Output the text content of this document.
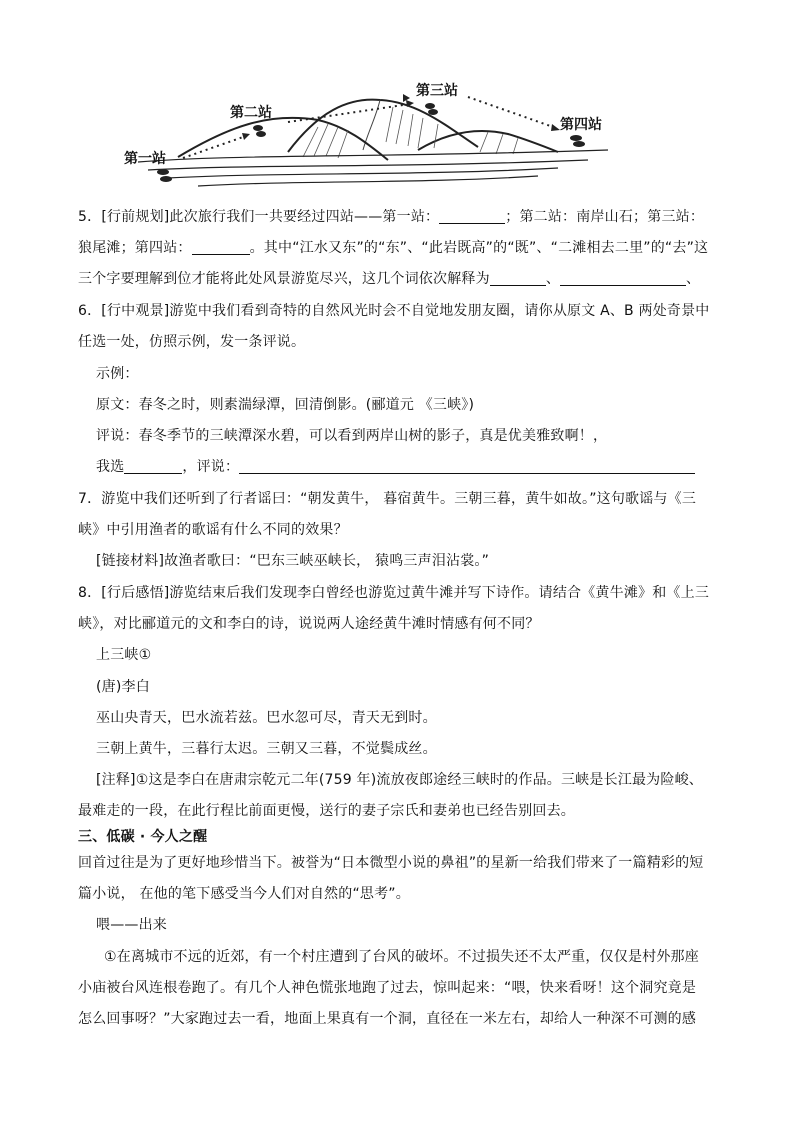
第一站
第二站
第三站
第四站
5．[行前规划]此次旅行我们一共要经过四站——第一站：	；第二站：南岸山石；第三站：
狼尾滩；第四站：	。其中“江水又东”的“东”、“此岩既高”的“既”、“二滩相去二里”的“去”这
三个字要理解到位才能将此处风景游览尽兴，这几个词依次解释为	、	、
6．[行中观景]游览中我们看到奇特的自然风光时会不自觉地发朋友圈，请你从原文 A、B 两处奇景中
任选一处，仿照示例，发一条评说。
示例：
原文：春冬之时，则素湍绿潭，回清倒影。(郦道元 《三峡》)
评说：春冬季节的三峡潭深水碧，可以看到两岸山树的影子，真是优美雅致啊！，
我选	，评说：
7．游览中我们还听到了行者谣曰：“朝发黄牛， 暮宿黄牛。三朝三暮，黄牛如故。”这句歌谣与《三
峡》中引用渔者的歌谣有什么不同的效果？
[链接材料]故渔者歌曰：“巴东三峡巫峡长， 猿鸣三声泪沾裳。”
8．[行后感悟]游览结束后我们发现李白曾经也游览过黄牛滩并写下诗作。请结合《黄牛滩》和《上三
峡》，对比郦道元的文和李白的诗，说说两人途经黄牛滩时情感有何不同？
上三峡①
(唐)李白
巫山央青天，巴水流若兹。巴水忽可尽，青天无到时。
三朝上黄牛，三暮行太迟。三朝又三暮，不觉鬓成丝。
[注释]①这是李白在唐肃宗乾元二年(759 年)流放夜郎途经三峡时的作品。三峡是长江最为险峻、
最难走的一段，在此行程比前面更慢，送行的妻子宗氏和妻弟也已经告别回去。
三、低碳 · 今人之醒
回首过往是为了更好地珍惜当下。被誉为“日本微型小说的鼻祖”的星新一给我们带来了一篇精彩的短
篇小说， 在他的笔下感受当今人们对自然的“思考”。
喂——出来
①在离城市不远的近郊，有一个村庄遭到了台风的破坏。不过损失还不太严重，仅仅是村外那座
小庙被台风连根卷跑了。有几个人神色慌张地跑了过去，惊叫起来：“喂，快来看呀！这个洞究竟是
怎么回事呀？”大家跑过去一看，地面上果真有一个洞，直径在一米左右，却给人一种深不可测的感
